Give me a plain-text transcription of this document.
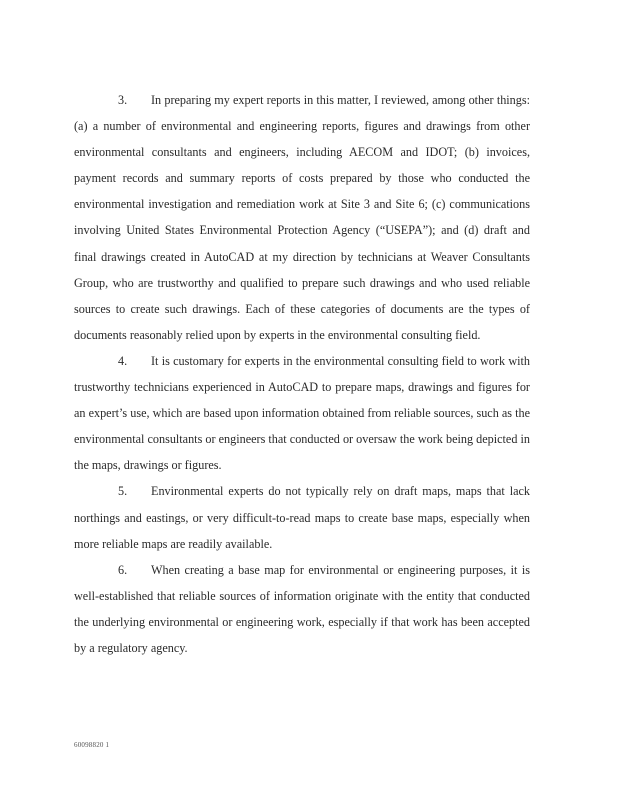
3. In preparing my expert reports in this matter, I reviewed, among other things: (a) a number of environmental and engineering reports, figures and drawings from other environmental consultants and engineers, including AECOM and IDOT; (b) invoices, payment records and summary reports of costs prepared by those who conducted the environmental investigation and remediation work at Site 3 and Site 6; (c) communications involving United States Environmental Protection Agency (“USEPA”); and (d) draft and final drawings created in AutoCAD at my direction by technicians at Weaver Consultants Group, who are trustworthy and qualified to prepare such drawings and who used reliable sources to create such drawings. Each of these categories of documents are the types of documents reasonably relied upon by experts in the environmental consulting field.

4. It is customary for experts in the environmental consulting field to work with trustworthy technicians experienced in AutoCAD to prepare maps, drawings and figures for an expert’s use, which are based upon information obtained from reliable sources, such as the environmental consultants or engineers that conducted or oversaw the work being depicted in the maps, drawings or figures.

5. Environmental experts do not typically rely on draft maps, maps that lack northings and eastings, or very difficult-to-read maps to create base maps, especially when more reliable maps are readily available.

6. When creating a base map for environmental or engineering purposes, it is well-established that reliable sources of information originate with the entity that conducted the underlying environmental or engineering work, especially if that work has been accepted by a regulatory agency.

60098820 1
